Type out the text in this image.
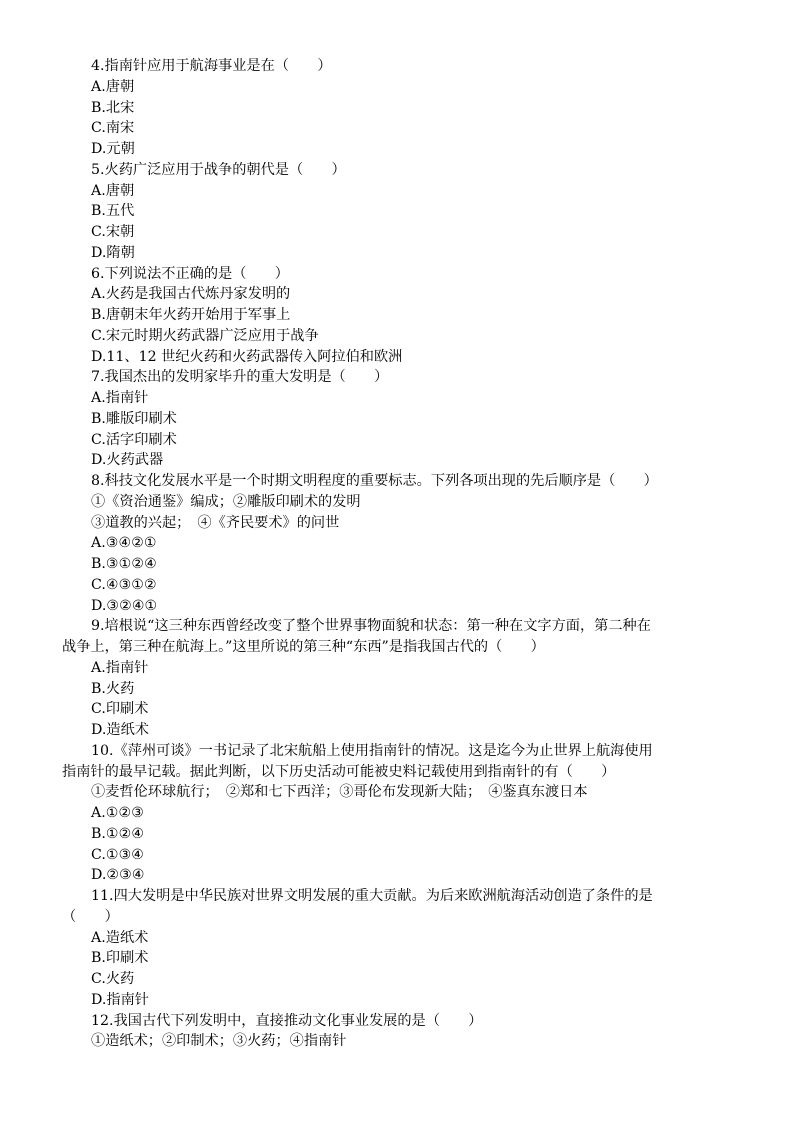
4.指南针应用于航海事业是在（　　）
A.唐朝
B.北宋
C.南宋
D.元朝
5.火药广泛应用于战争的朝代是（　　）
A.唐朝
B.五代
C.宋朝
D.隋朝
6.下列说法不正确的是（　　）
A.火药是我国古代炼丹家发明的
B.唐朝末年火药开始用于军事上
C.宋元时期火药武器广泛应用于战争
D.11、12 世纪火药和火药武器传入阿拉伯和欧洲
7.我国杰出的发明家毕升的重大发明是（　　）
A.指南针
B.雕版印刷术
C.活字印刷术
D.火药武器
8.科技文化发展水平是一个时期文明程度的重要标志。下列各项出现的先后顺序是（　　）
①《资治通鉴》编成；②雕版印刷术的发明
③道教的兴起；　④《齐民要术》的问世
A.③④②①
B.③①②④
C.④③①②
D.③②④①
9.培根说“这三种东西曾经改变了整个世界事物面貌和状态：第一种在文字方面，第二种在
战争上，第三种在航海上。”这里所说的第三种“东西”是指我国古代的（　　）
A.指南针
B.火药
C.印刷术
D.造纸术
10.《萍州可谈》一书记录了北宋航船上使用指南针的情况。这是迄今为止世界上航海使用
指南针的最早记载。据此判断，以下历史活动可能被史料记载使用到指南针的有（　　）
①麦哲伦环球航行；　②郑和七下西洋；③哥伦布发现新大陆；　④鉴真东渡日本
A.①②③
B.①②④
C.①③④
D.②③④
11.四大发明是中华民族对世界文明发展的重大贡献。为后来欧洲航海活动创造了条件的是
（　　）
A.造纸术
B.印刷术
C.火药
D.指南针
12.我国古代下列发明中，直接推动文化事业发展的是（　　）
①造纸术；②印制术；③火药；④指南针
